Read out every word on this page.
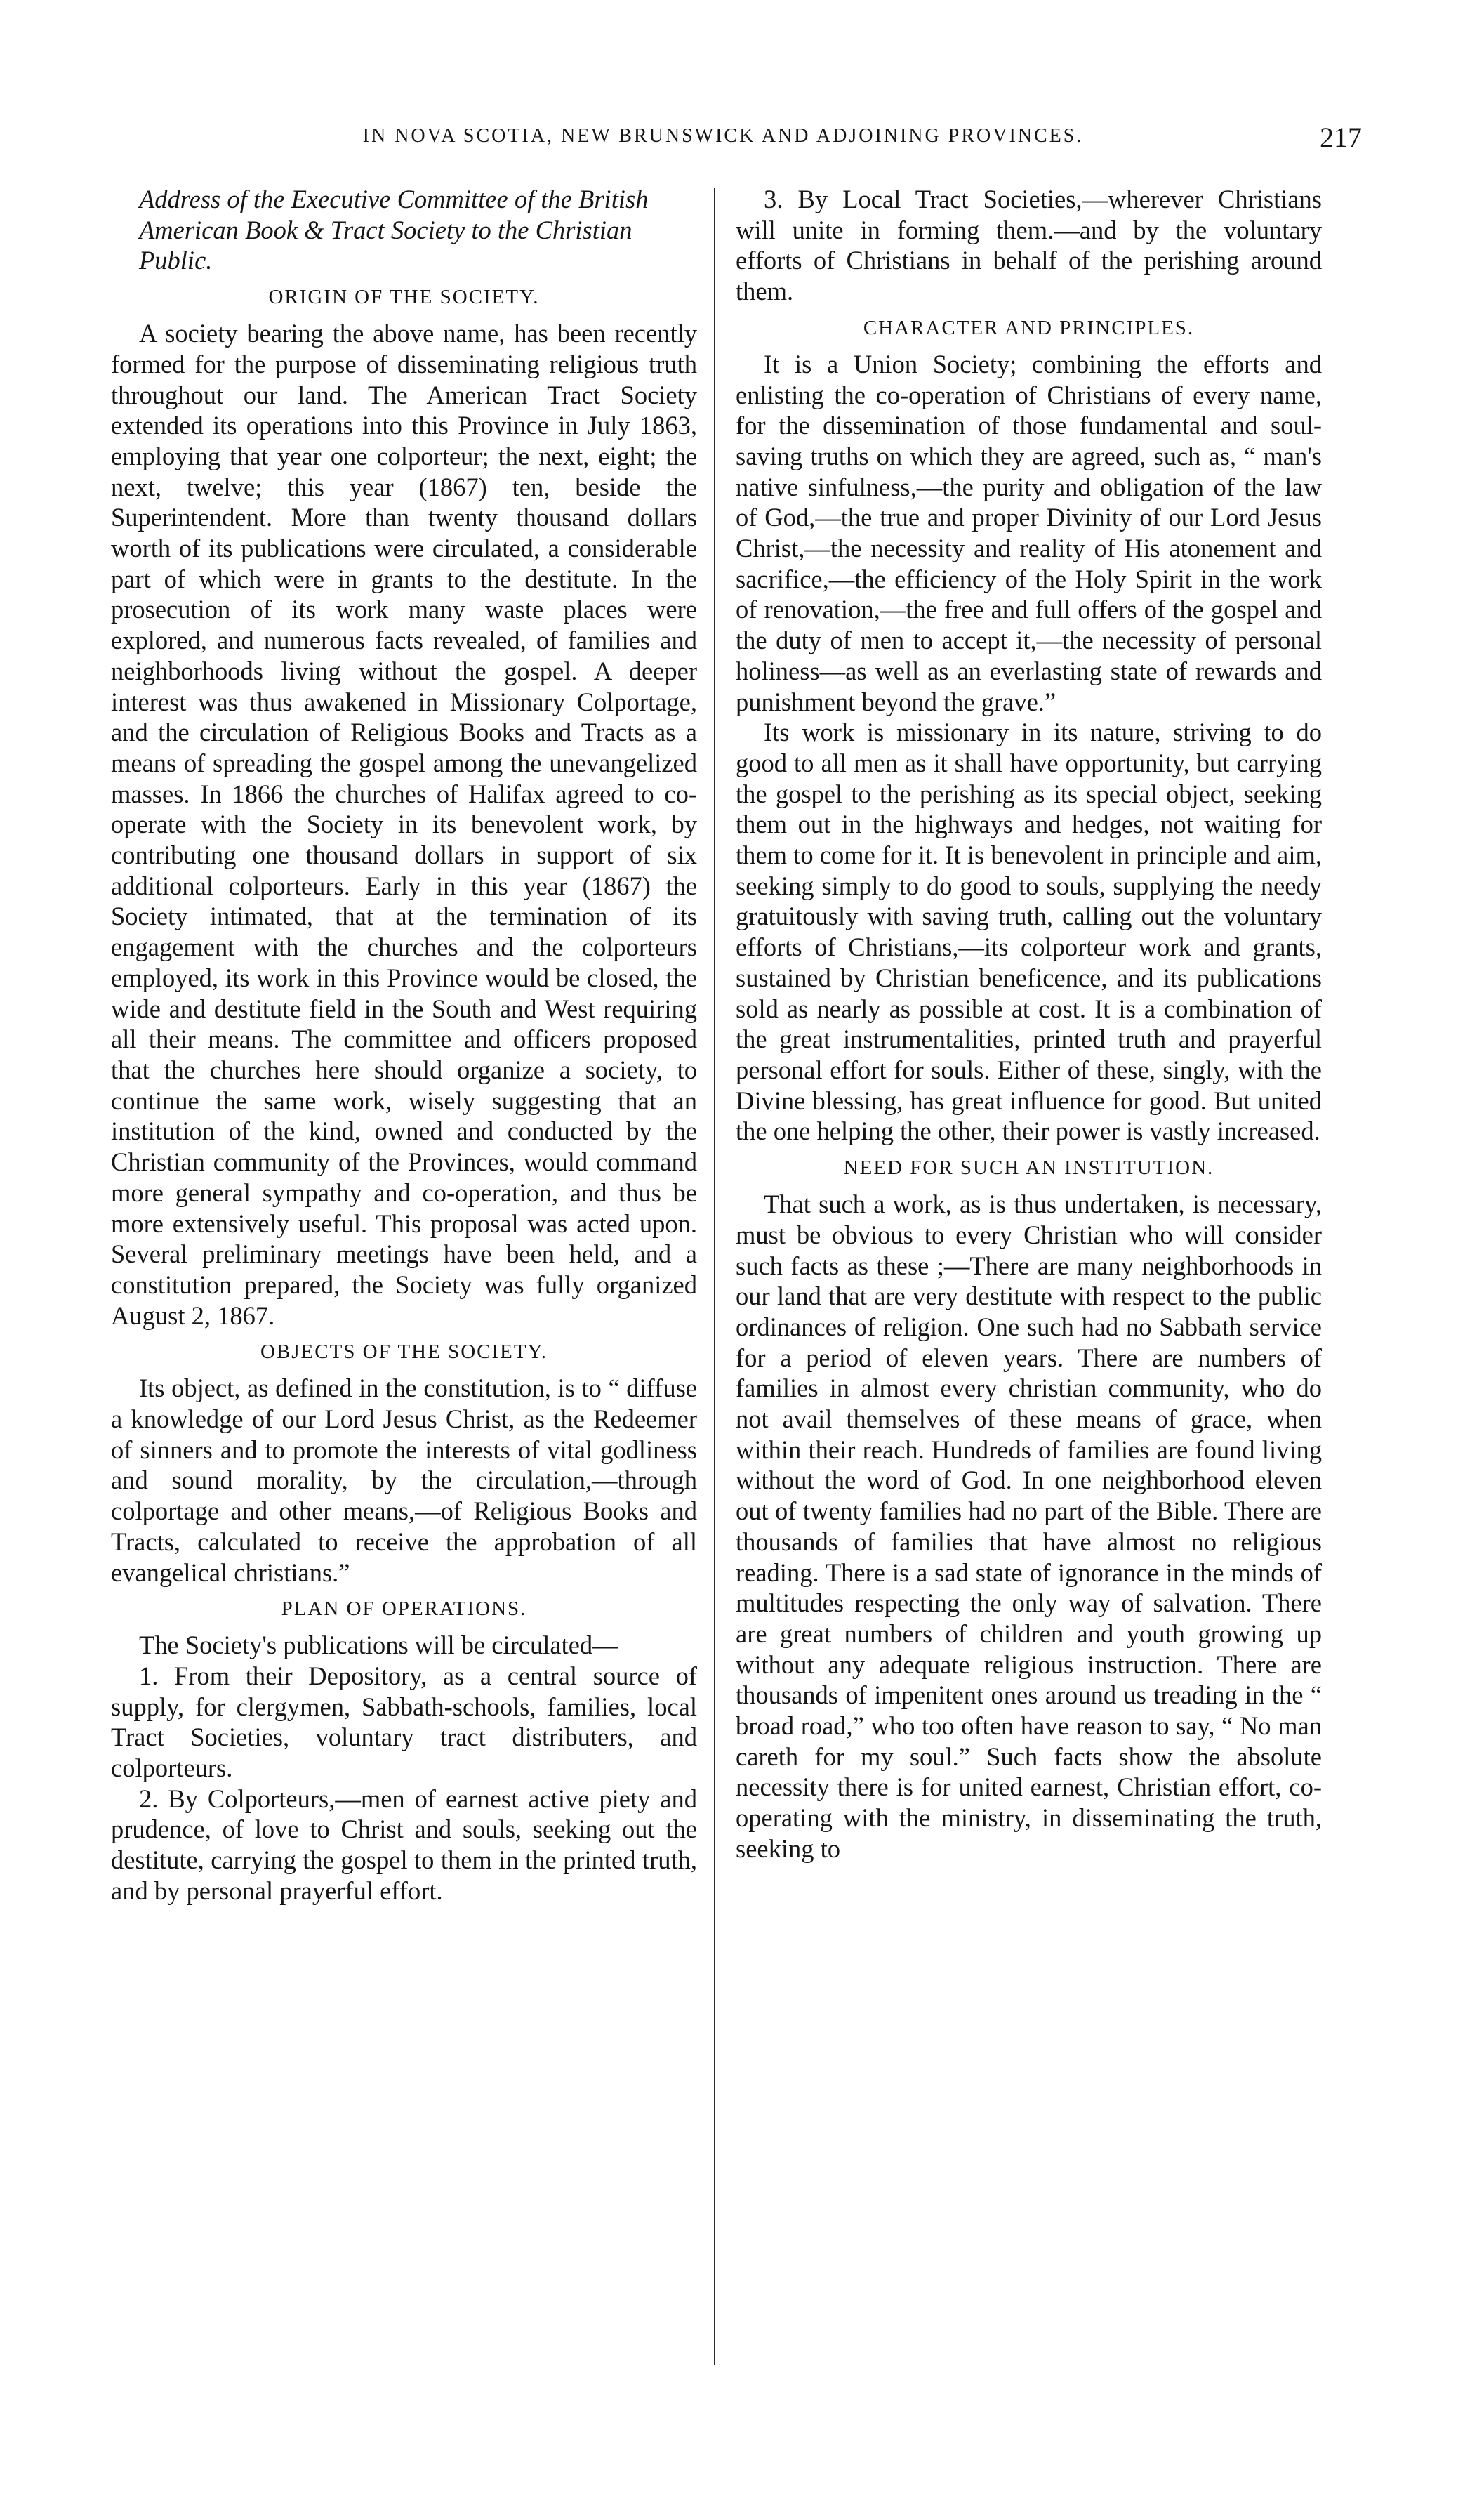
IN NOVA SCOTIA, NEW BRUNSWICK AND ADJOINING PROVINCES.	217

Address of the Executive Committee of the British American Book & Tract Society to the Christian Public.

ORIGIN OF THE SOCIETY.

A society bearing the above name, has been recently formed for the purpose of disseminating religious truth throughout our land. The American Tract Society extended its operations into this Province in July 1863, employing that year one colporteur; the next, eight; the next, twelve; this year (1867) ten, beside the Superintendent. More than twenty thousand dollars worth of its publications were circulated, a considerable part of which were in grants to the destitute. In the prosecution of its work many waste places were explored, and numerous facts revealed, of families and neighborhoods living without the gospel. A deeper interest was thus awakened in Missionary Colportage, and the circulation of Religious Books and Tracts as a means of spreading the gospel among the unevangelized masses. In 1866 the churches of Halifax agreed to co-operate with the Society in its benevolent work, by contributing one thousand dollars in support of six additional colporteurs. Early in this year (1867) the Society intimated, that at the termination of its engagement with the churches and the colporteurs employed, its work in this Province would be closed, the wide and destitute field in the South and West requiring all their means. The committee and officers proposed that the churches here should organize a society, to continue the same work, wisely suggesting that an institution of the kind, owned and conducted by the Christian community of the Provinces, would command more general sympathy and co-operation, and thus be more extensively useful. This proposal was acted upon. Several preliminary meetings have been held, and a constitution prepared, the Society was fully organized August 2, 1867.

OBJECTS OF THE SOCIETY.

Its object, as defined in the constitution, is to “ diffuse a knowledge of our Lord Jesus Christ, as the Redeemer of sinners and to promote the interests of vital godliness and sound morality, by the circulation,—through colportage and other means,—of Religious Books and Tracts, calculated to receive the approbation of all evangelical christians.”

PLAN OF OPERATIONS.

The Society's publications will be circulated—

1. From their Depository, as a central source of supply, for clergymen, Sabbath-schools, families, local Tract Societies, voluntary tract distributers, and colporteurs.

2. By Colporteurs,—men of earnest active piety and prudence, of love to Christ and souls, seeking out the destitute, carrying the gospel to them in the printed truth, and by personal prayerful effort.

3. By Local Tract Societies,—wherever Christians will unite in forming them.—and by the voluntary efforts of Christians in behalf of the perishing around them.

CHARACTER AND PRINCIPLES.

It is a Union Society; combining the efforts and enlisting the co-operation of Christians of every name, for the dissemination of those fundamental and soul-saving truths on which they are agreed, such as, “ man's native sinfulness,—the purity and obligation of the law of God,—the true and proper Divinity of our Lord Jesus Christ,—the necessity and reality of His atonement and sacrifice,—the efficiency of the Holy Spirit in the work of renovation,—the free and full offers of the gospel and the duty of men to accept it,—the necessity of personal holiness—as well as an everlasting state of rewards and punishment beyond the grave.”

Its work is missionary in its nature, striving to do good to all men as it shall have opportunity, but carrying the gospel to the perishing as its special object, seeking them out in the highways and hedges, not waiting for them to come for it. It is benevolent in principle and aim, seeking simply to do good to souls, supplying the needy gratuitously with saving truth, calling out the voluntary efforts of Christians,—its colporteur work and grants, sustained by Christian beneficence, and its publications sold as nearly as possible at cost. It is a combination of the great instrumentalities, printed truth and prayerful personal effort for souls. Either of these, singly, with the Divine blessing, has great influence for good. But united the one helping the other, their power is vastly increased.

NEED FOR SUCH AN INSTITUTION.

That such a work, as is thus undertaken, is necessary, must be obvious to every Christian who will consider such facts as these ;—There are many neighborhoods in our land that are very destitute with respect to the public ordinances of religion. One such had no Sabbath service for a period of eleven years. There are numbers of families in almost every christian community, who do not avail themselves of these means of grace, when within their reach. Hundreds of families are found living without the word of God. In one neighborhood eleven out of twenty families had no part of the Bible. There are thousands of families that have almost no religious reading. There is a sad state of ignorance in the minds of multitudes respecting the only way of salvation. There are great numbers of children and youth growing up without any adequate religious instruction. There are thousands of impenitent ones around us treading in the “ broad road,” who too often have reason to say, “ No man careth for my soul.” Such facts show the absolute necessity there is for united earnest, Christian effort, co-operating with the ministry, in disseminating the truth, seeking to
